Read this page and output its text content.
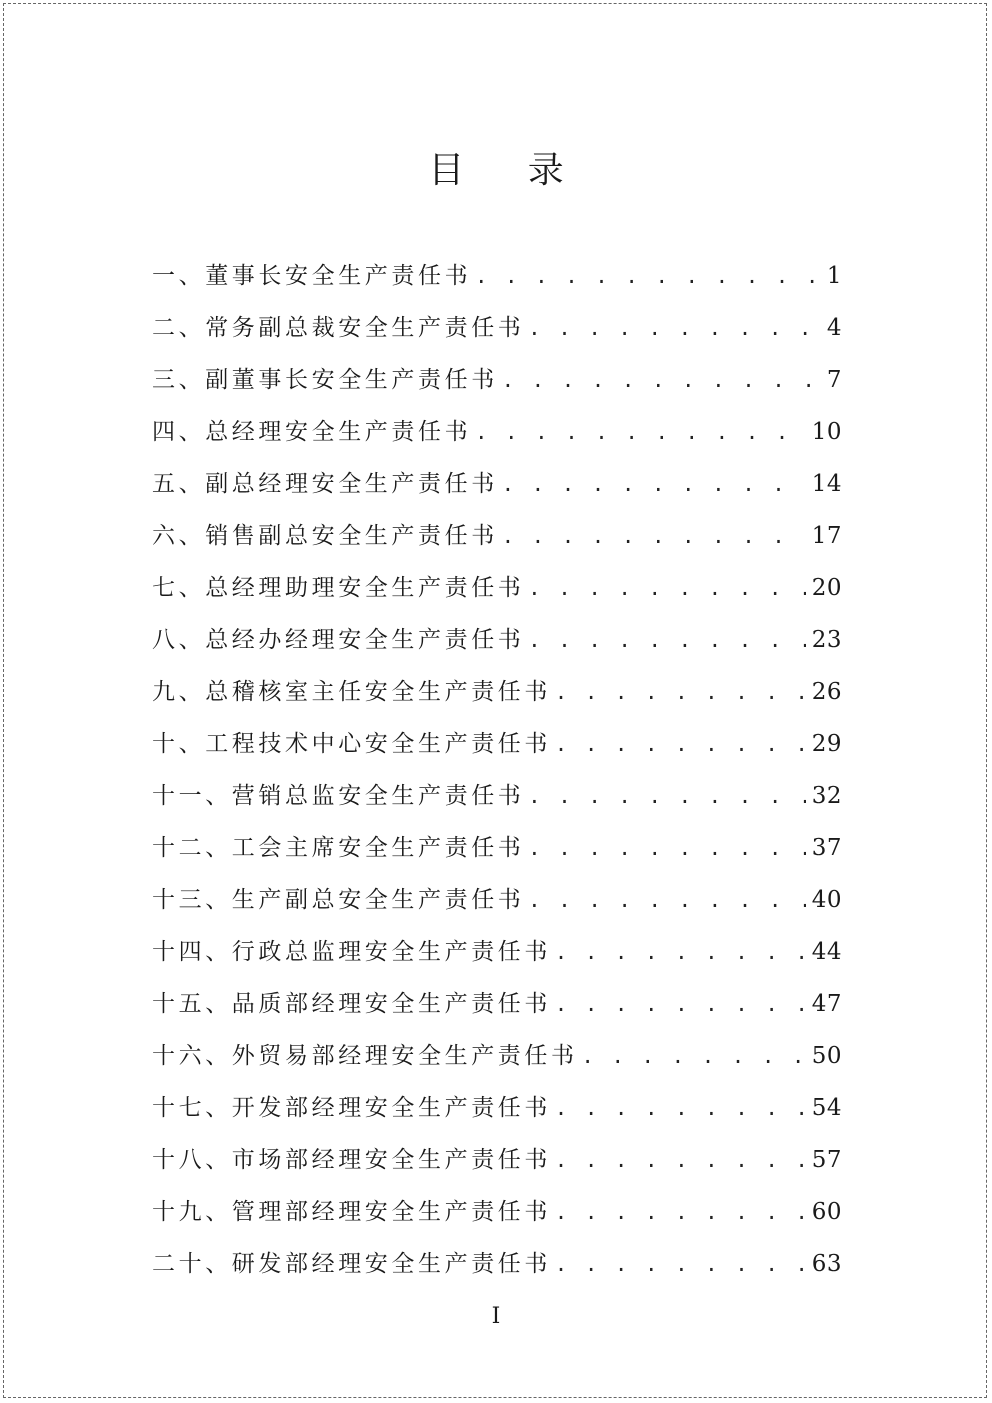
目 录
一、董事长安全生产责任书 . . .	1
二、常务副总裁安全生产责任书 . . .	4
三、副董事长安全生产责任书 . . .	7
四、总经理安全生产责任书 . . .	10
五、副总经理安全生产责任书 . . .	14
六、销售副总安全生产责任书 . . .	17
七、总经理助理安全生产责任书 . . .	20
八、总经办经理安全生产责任书 . . .	23
九、总稽核室主任安全生产责任书 . . .	26
十、工程技术中心安全生产责任书 . . .	29
十一、营销总监安全生产责任书 . . .	32
十二、工会主席安全生产责任书 . . .	37
十三、生产副总安全生产责任书 . . .	40
十四、行政总监理安全生产责任书 . . .	44
十五、品质部经理安全生产责任书 . . .	47
十六、外贸易部经理安全生产责任书 . . .	50
十七、开发部经理安全生产责任书 . . .	54
十八、市场部经理安全生产责任书 . . .	57
十九、管理部经理安全生产责任书 . . .	60
二十、研发部经理安全生产责任书 . . .	63
I
